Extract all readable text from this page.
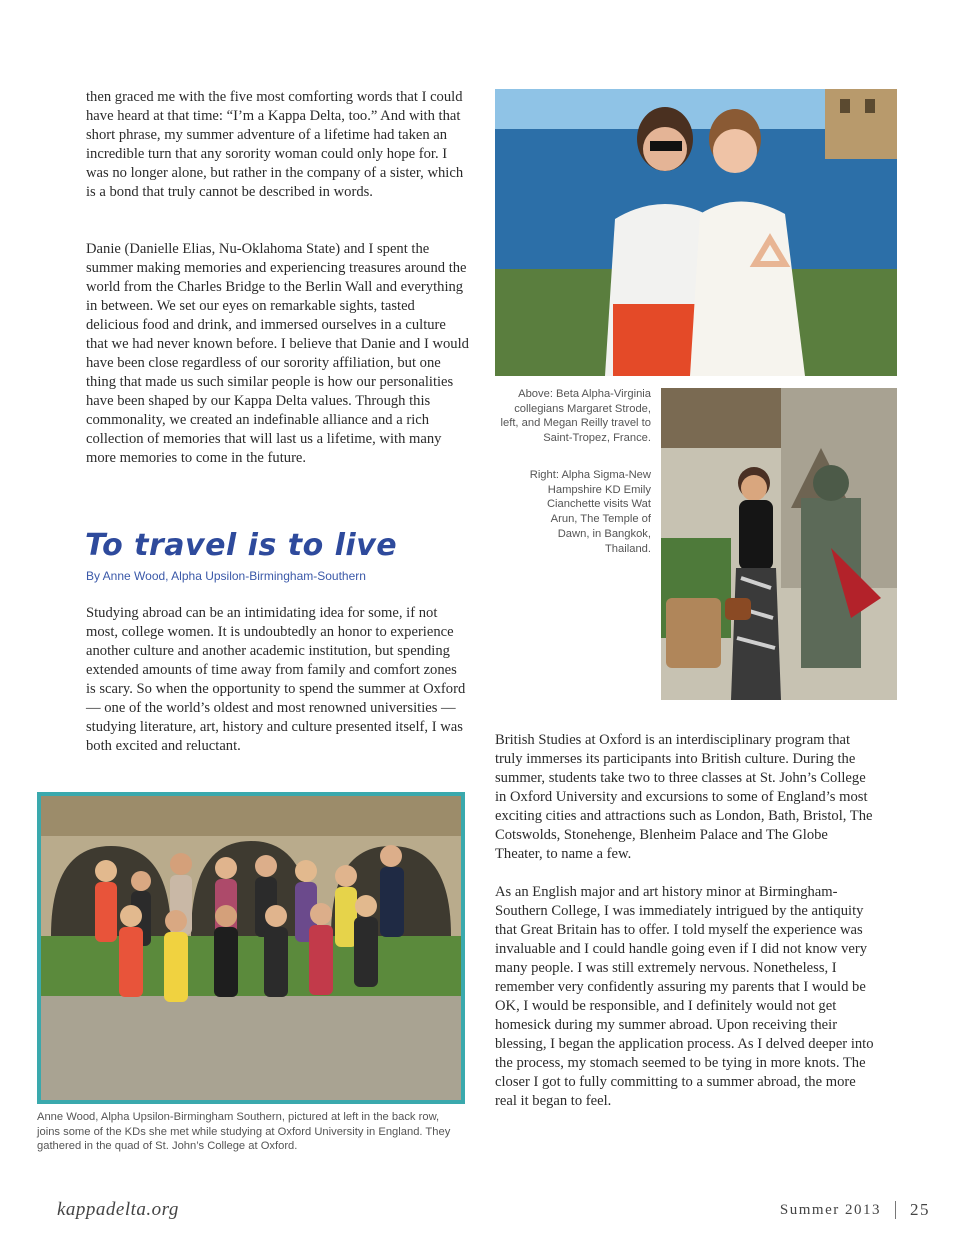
then graced me with the five most comforting words that I could have heard at that time: “I’m a Kappa Delta, too.” And with that short phrase, my summer adventure of a lifetime had taken an incredible turn that any sorority woman could only hope for. I was no longer alone, but rather in the company of a sister, which is a bond that truly cannot be described in words.

Danie (Danielle Elias, Nu-Oklahoma State) and I spent the summer making memories and experiencing treasures around the world from the Charles Bridge to the Berlin Wall and everything in between. We set our eyes on remarkable sights, tasted delicious food and drink, and immersed ourselves in a culture that we had never known before. I believe that Danie and I would have been close regardless of our sorority affiliation, but one thing that made us such similar people is how our personalities have been shaped by our Kappa Delta values. Through this commonality, we created an indefinable alliance and a rich collection of memories that will last us a lifetime, with many more memories to come in the future.

To travel is to live

By Anne Wood, Alpha Upsilon-Birmingham-Southern

Studying abroad can be an intimidating idea for some, if not most, college women. It is undoubtedly an honor to experience another culture and another academic institution, but spending extended amounts of time away from family and comfort zones is scary. So when the opportunity to spend the summer at Oxford — one of the world’s oldest and most renowned universities — studying literature, art, history and culture presented itself, I was both excited and reluctant.

Anne Wood, Alpha Upsilon-Birmingham Southern, pictured at left in the back row, joins some of the KDs she met while studying at Oxford University in England. They gathered in the quad of St. John’s College at Oxford.

Above: Beta Alpha-Virginia collegians Margaret Strode, left, and Megan Reilly travel to Saint-Tropez, France.

Right: Alpha Sigma-New Hampshire KD Emily Cianchette visits Wat Arun, The Temple of Dawn, in Bangkok, Thailand.

British Studies at Oxford is an interdisciplinary program that truly immerses its participants into British culture. During the summer, students take two to three classes at St. John’s College in Oxford University and excursions to some of England’s most exciting cities and attractions such as London, Bath, Bristol, The Cotswolds, Stonehenge, Blenheim Palace and The Globe Theater, to name a few.

As an English major and art history minor at Birmingham-Southern College, I was immediately intrigued by the antiquity that Great Britain has to offer. I told myself the experience was invaluable and I could handle going even if I did not know very many people. I was still extremely nervous. Nonetheless, I remember very confidently assuring my parents that I would be OK, I would be responsible, and I definitely would not get homesick during my summer abroad. Upon receiving their blessing, I began the application process. As I delved deeper into the process, my stomach seemed to be tying in more knots. The closer I got to fully committing to a summer abroad, the more real it began to feel.

kappadelta.org	Summer 2013 25
